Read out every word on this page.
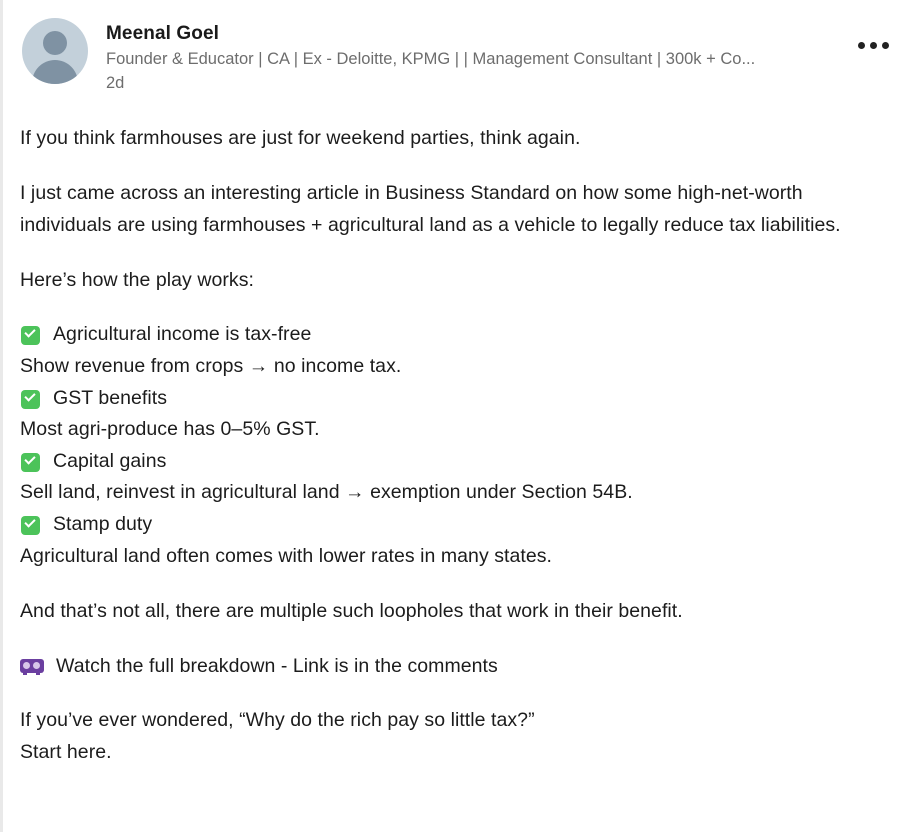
Meenal Goel
Founder & Educator | CA | Ex - Deloitte, KPMG | | Management Consultant | 300k + Co...
2d

If you think farmhouses are just for weekend parties, think again.

I just came across an interesting article in Business Standard on how some high-net-worth individuals are using farmhouses + agricultural land as a vehicle to legally reduce tax liabilities.

Here’s how the play works:

Agricultural income is tax-free
Show revenue from crops → no income tax.
GST benefits
Most agri-produce has 0–5% GST.
Capital gains
Sell land, reinvest in agricultural land → exemption under Section 54B.
Stamp duty
Agricultural land often comes with lower rates in many states.

And that’s not all, there are multiple such loopholes that work in their benefit.

Watch the full breakdown - Link is in the comments
If you’ve ever wondered, “Why do the rich pay so little tax?”
Start here.
